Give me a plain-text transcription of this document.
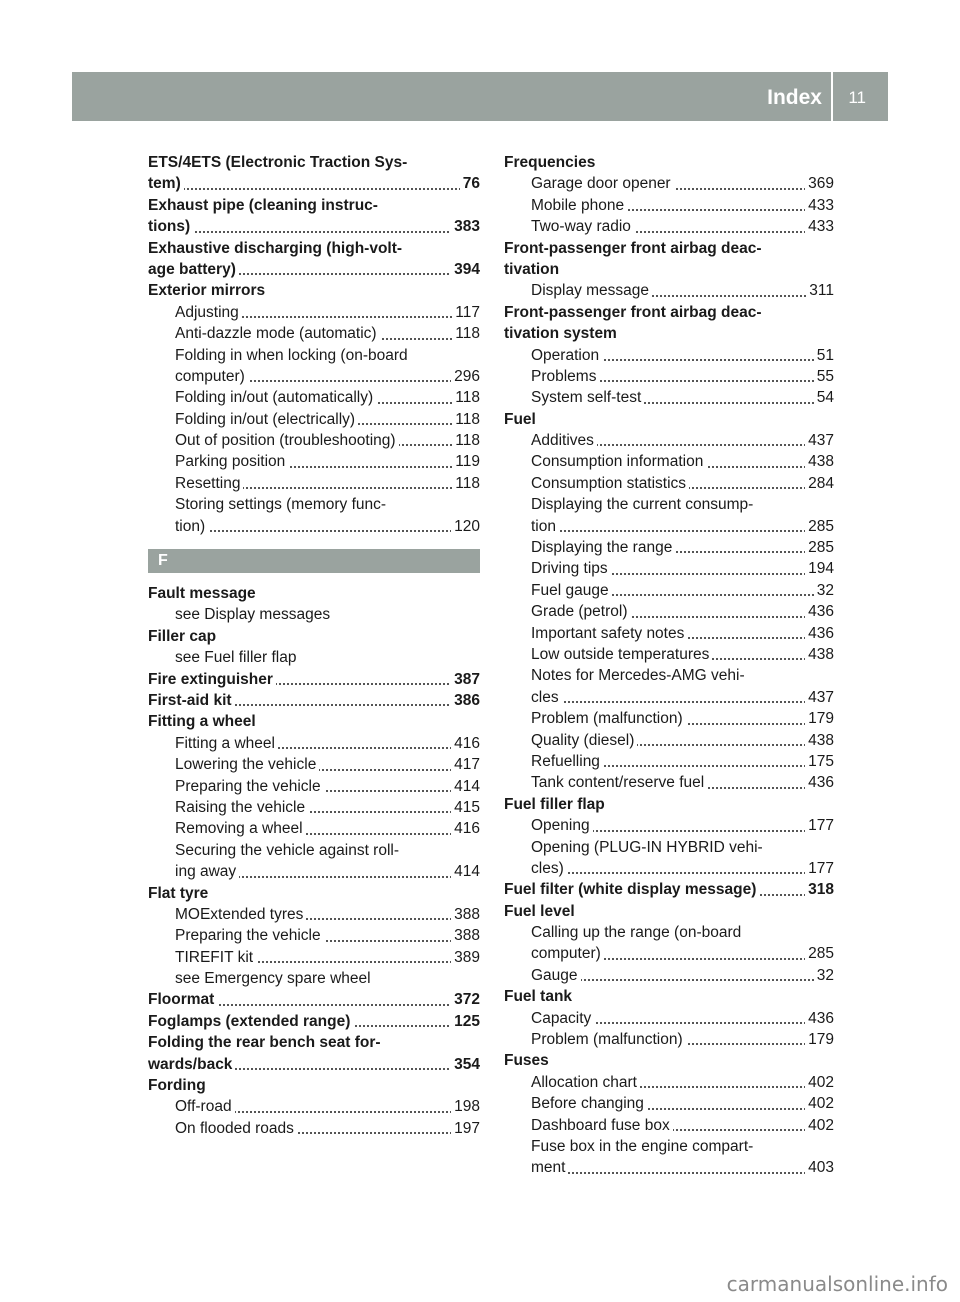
Index 11
ETS/4ETS (Electronic Traction Sys-
tem)	76
Exhaust pipe (cleaning instruc-
tions)	383
Exhaustive discharging (high-volt-
age battery)	394
Exterior mirrors
Adjusting	117
Anti-dazzle mode (automatic)	118
Folding in when locking (on-board
computer)	296
Folding in/out (automatically)	118
Folding in/out (electrically)	118
Out of position (troubleshooting)	118
Parking position	119
Resetting	118
Storing settings (memory func-
tion)	120
F
Fault message
see Display messages
Filler cap
see Fuel filler flap
Fire extinguisher	387
First-aid kit	386
Fitting a wheel
Fitting a wheel	416
Lowering the vehicle	417
Preparing the vehicle	414
Raising the vehicle	415
Removing a wheel	416
Securing the vehicle against roll-
ing away	414
Flat tyre
MOExtended tyres	388
Preparing the vehicle	388
TIREFIT kit	389
see Emergency spare wheel
Floormat	372
Foglamps (extended range)	125
Folding the rear bench seat for-
wards/back	354
Fording
Off-road	198
On flooded roads	197
Frequencies
Garage door opener	369
Mobile phone	433
Two-way radio	433
Front-passenger front airbag deac-
tivation
Display message	311
Front-passenger front airbag deac-
tivation system
Operation	51
Problems	55
System self-test	54
Fuel
Additives	437
Consumption information	438
Consumption statistics	284
Displaying the current consump-
tion	285
Displaying the range	285
Driving tips	194
Fuel gauge	32
Grade (petrol)	436
Important safety notes	436
Low outside temperatures	438
Notes for Mercedes-AMG vehi-
cles	437
Problem (malfunction)	179
Quality (diesel)	438
Refuelling	175
Tank content/reserve fuel	436
Fuel filler flap
Opening	177
Opening (PLUG-IN HYBRID vehi-
cles)	177
Fuel filter (white display message)	318
Fuel level
Calling up the range (on-board
computer)	285
Gauge	32
Fuel tank
Capacity	436
Problem (malfunction)	179
Fuses
Allocation chart	402
Before changing	402
Dashboard fuse box	402
Fuse box in the engine compart-
ment	403
carmanualsonline.info
